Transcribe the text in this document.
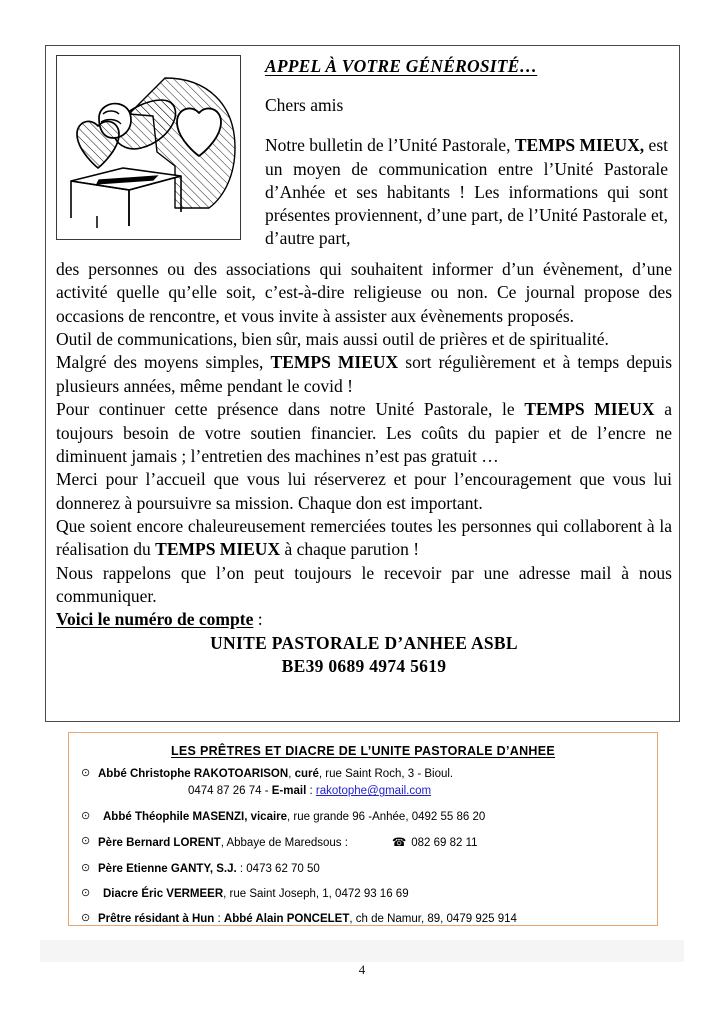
APPEL À VOTRE GÉNÉROSITÉ…

Chers amis

Notre bulletin de l’Unité Pastorale, TEMPS MIEUX, est un moyen de communication entre l’Unité Pastorale d’Anhée et ses habitants ! Les informations qui sont présentes proviennent, d’une part, de l’Unité Pastorale et, d’autre part,

des personnes ou des associations qui souhaitent informer d’un évènement, d’une activité quelle qu’elle soit, c’est-à-dire religieuse ou non. Ce journal propose des occasions de rencontre, et vous invite à assister aux évènements proposés.

Outil de communications, bien sûr, mais aussi outil de prières et de spiritualité.

Malgré des moyens simples, TEMPS MIEUX sort régulièrement et à temps depuis plusieurs années, même pendant le covid !

Pour continuer cette présence dans notre Unité Pastorale, le TEMPS MIEUX a toujours besoin de votre soutien financier. Les coûts du papier et de l’encre ne diminuent jamais ; l’entretien des machines n’est pas gratuit …

Merci pour l’accueil que vous lui réserverez et pour l’encouragement que vous lui donnerez à poursuivre sa mission. Chaque don est important.

Que soient encore chaleureusement remerciées toutes les personnes qui collaborent à la réalisation du TEMPS MIEUX à chaque parution !

Nous rappelons que l’on peut toujours le recevoir par une adresse mail à nous communiquer.

Voici le numéro de compte :

UNITE PASTORALE D’ANHEE ASBL
BE39 0689 4974 5619
LES PRÊTRES ET DIACRE DE L’UNITE PASTORALE D’ANHEE
⊙ Abbé Christophe RAKOTOARISON, curé, rue Saint Roch, 3 - Bioul.
0474 87 26 74 - E-mail : rakotophe@gmail.com
⊙	Abbé Théophile MASENZI, vicaire, rue grande 96 -Anhée, 0492 55 86 20
⊙ Père Bernard LORENT, Abbaye de Maredsous :	☎ 082 69 82 11
⊙ Père Etienne GANTY, S.J. : 0473 62 70 50
⊙	Diacre Éric VERMEER, rue Saint Joseph, 1, 0472 93 16 69
⊙ Prêtre résidant à Hun : Abbé Alain PONCELET, ch de Namur, 89, 0479 925 914
4
